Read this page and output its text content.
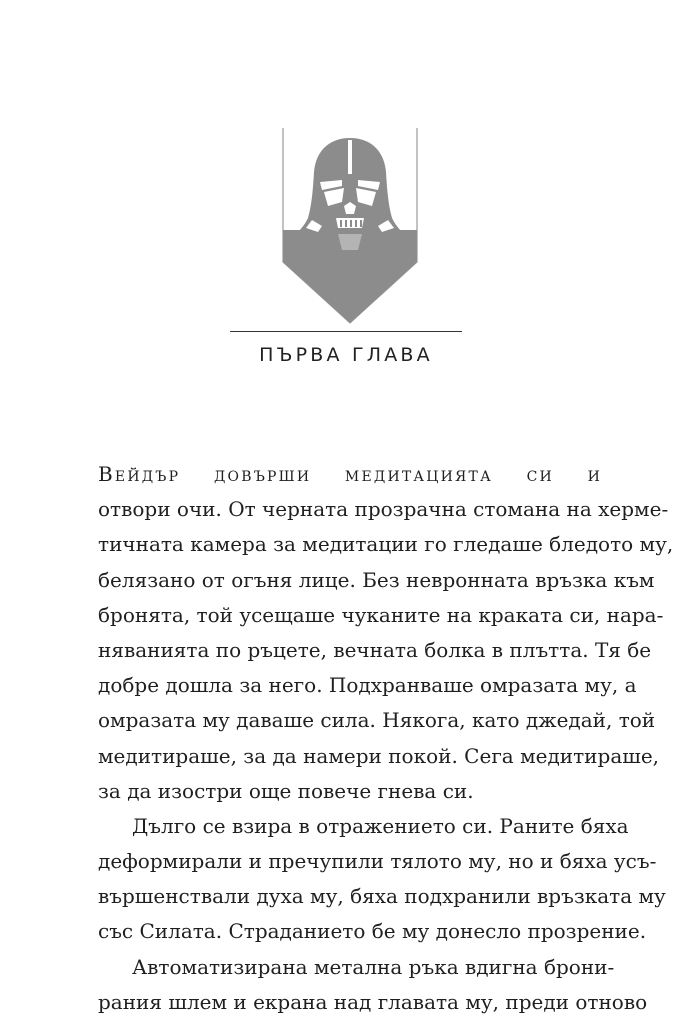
ПЪРВА ГЛАВА
Вейдър довърши медитацията си и
отвори очи. От черната прозрачна стомана на херме-
тичната камера за медитации го гледаше бледото му,
белязано от огъня лице. Без невронната връзка към
бронята, той усещаше чуканите на краката си, нара-
няванията по ръцете, вечната болка в плътта. Тя бе
добре дошла за него. Подхранваше омразата му, а
омразата му даваше сила. Някога, като джедай, той
медитираше, за да намери покой. Сега медитираше,
за да изостри още повече гнева си.
Дълго се взира в отражението си. Раните бяха
деформирали и пречупили тялото му, но и бяха усъ-
вършенствали духа му, бяха подхранили връзката му
със Силата. Страданието бе му донесло прозрение.
Автоматизирана метална ръка вдигна брони-
рания шлем и екрана над главата му, преди отново
